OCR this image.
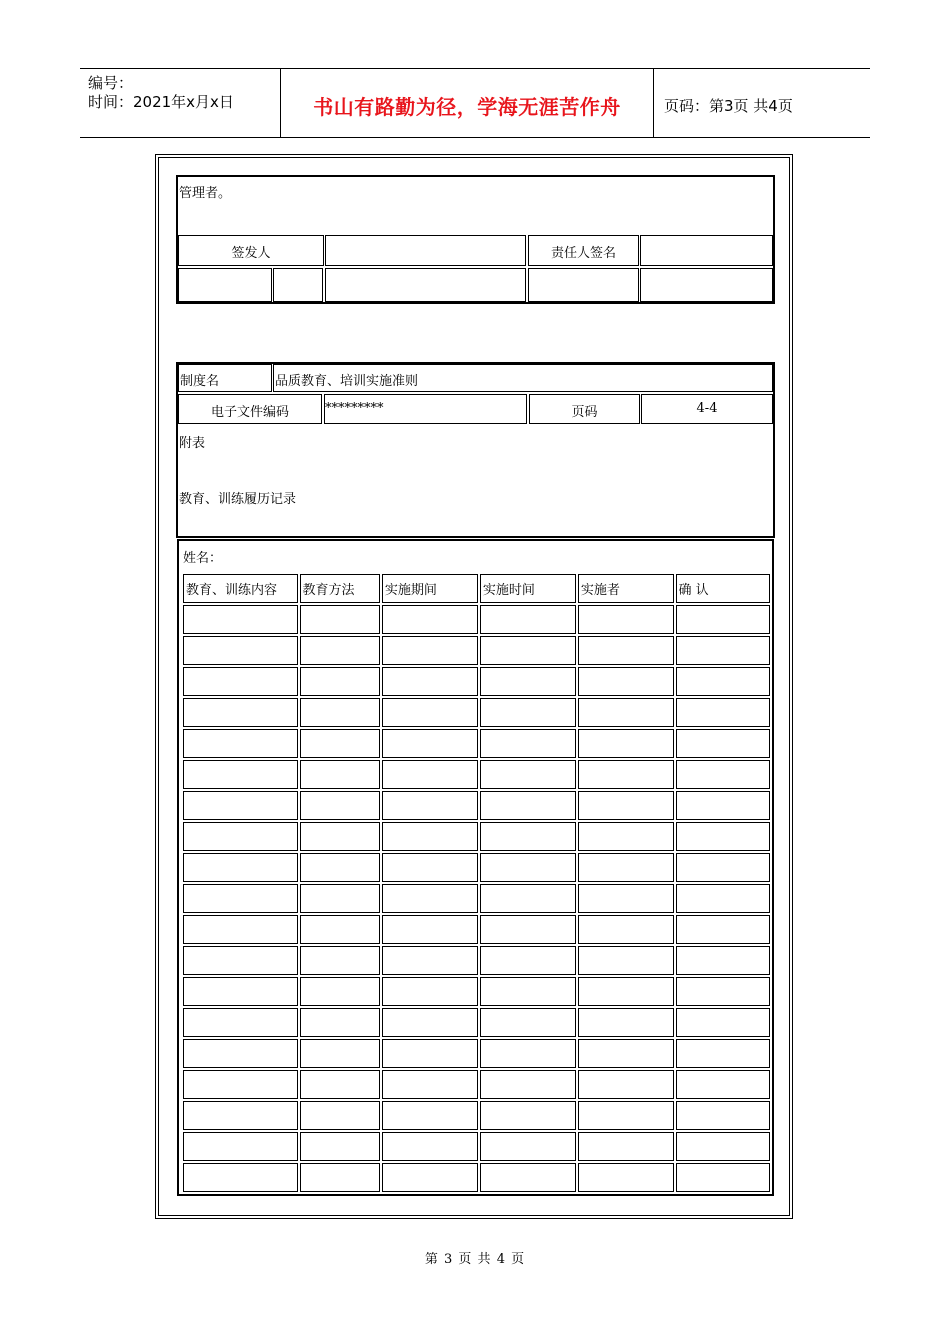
编号：
时间：2021年x月x日	书山有路勤为径，学海无涯苦作舟	页码：第3页 共4页
管理者。
签发人	责任人签名
制度名	品质教育、培训实施准则
电子文件编码	*********	页码	4-4
附表
教育、训练履历记录
姓名：
教育、训练内容	教育方法	实施期间	实施时间	实施者	确 认

第 3 页 共 4 页
